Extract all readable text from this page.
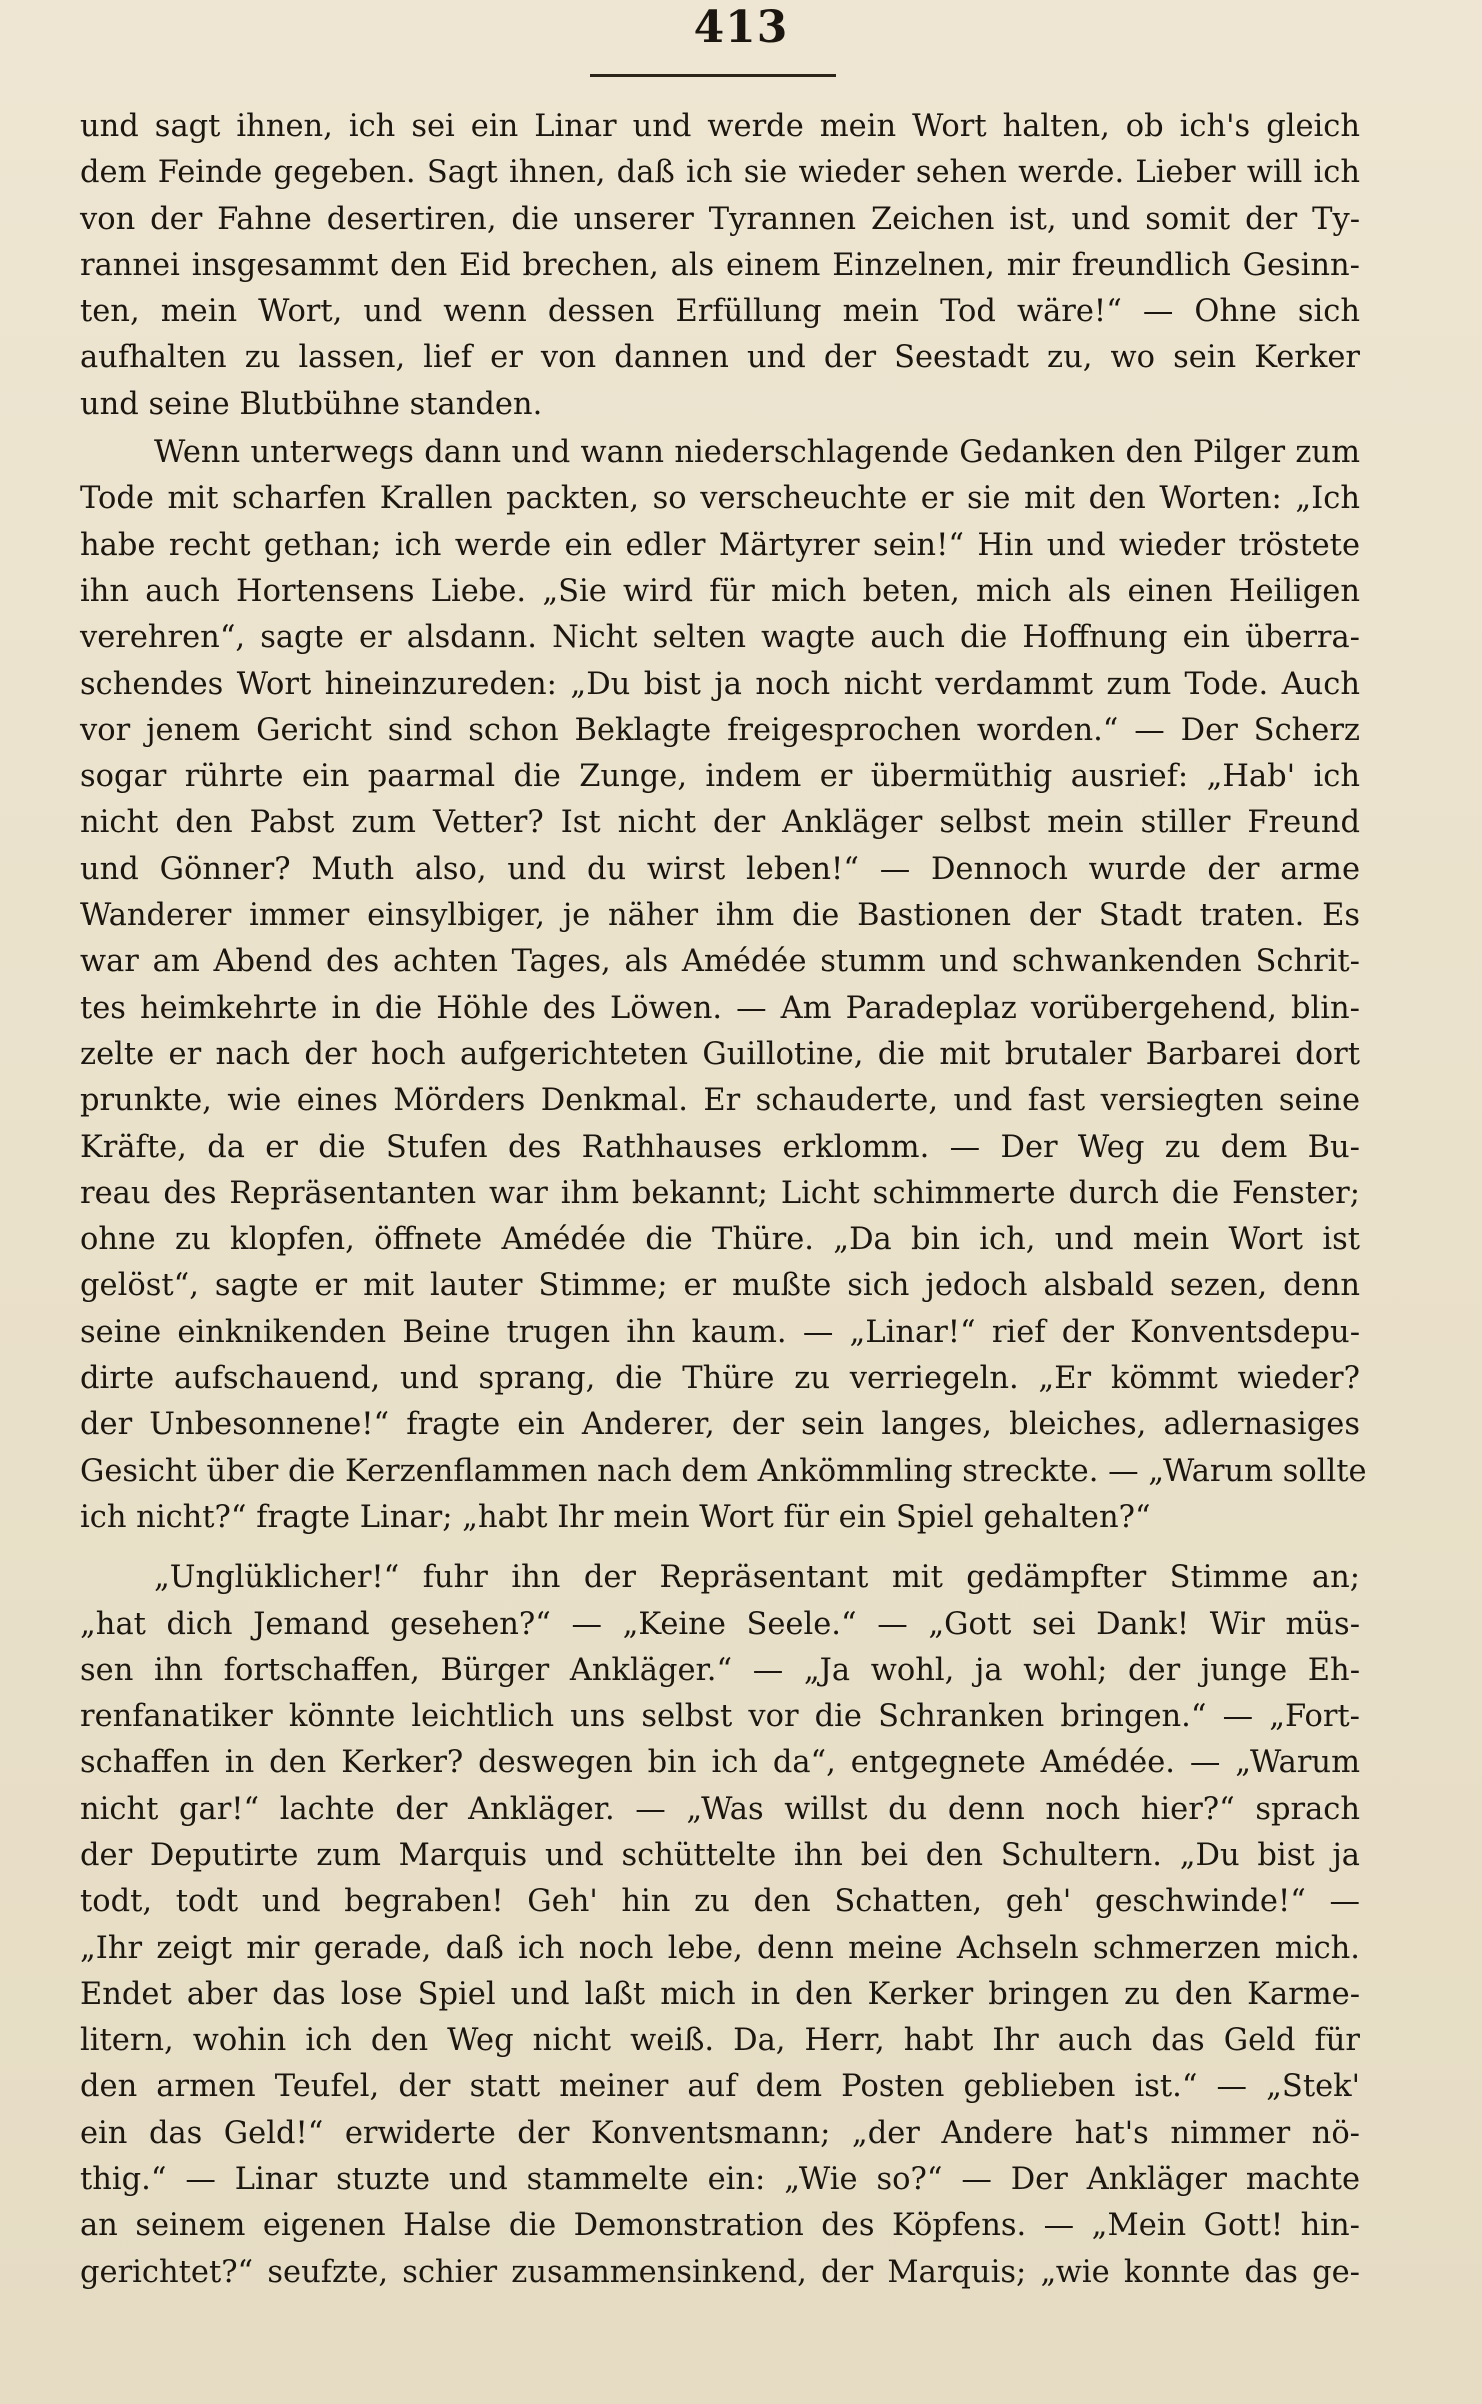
413
und sagt ihnen, ich sei ein Linar und werde mein Wort halten, ob ich's gleich
dem Feinde gegeben. Sagt ihnen, daß ich sie wieder sehen werde. Lieber will ich
von der Fahne desertiren, die unserer Tyrannen Zeichen ist, und somit der Ty-
rannei insgesammt den Eid brechen, als einem Einzelnen, mir freundlich Gesinn-
ten, mein Wort, und wenn dessen Erfüllung mein Tod wäre!“ — Ohne sich
aufhalten zu lassen, lief er von dannen und der Seestadt zu, wo sein Kerker
und seine Blutbühne standen.
Wenn unterwegs dann und wann niederschlagende Gedanken den Pilger zum
Tode mit scharfen Krallen packten, so verscheuchte er sie mit den Worten: „Ich
habe recht gethan; ich werde ein edler Märtyrer sein!“ Hin und wieder tröstete
ihn auch Hortensens Liebe. „Sie wird für mich beten, mich als einen Heiligen
verehren“, sagte er alsdann. Nicht selten wagte auch die Hoffnung ein überra-
schendes Wort hineinzureden: „Du bist ja noch nicht verdammt zum Tode. Auch
vor jenem Gericht sind schon Beklagte freigesprochen worden.“ — Der Scherz
sogar rührte ein paarmal die Zunge, indem er übermüthig ausrief: „Hab' ich
nicht den Pabst zum Vetter? Ist nicht der Ankläger selbst mein stiller Freund
und Gönner? Muth also, und du wirst leben!“ — Dennoch wurde der arme
Wanderer immer einsylbiger, je näher ihm die Bastionen der Stadt traten. Es
war am Abend des achten Tages, als Amédée stumm und schwankenden Schrit-
tes heimkehrte in die Höhle des Löwen. — Am Paradeplaz vorübergehend, blin-
zelte er nach der hoch aufgerichteten Guillotine, die mit brutaler Barbarei dort
prunkte, wie eines Mörders Denkmal. Er schauderte, und fast versiegten seine
Kräfte, da er die Stufen des Rathhauses erklomm. — Der Weg zu dem Bu-
reau des Repräsentanten war ihm bekannt; Licht schimmerte durch die Fenster;
ohne zu klopfen, öffnete Amédée die Thüre. „Da bin ich, und mein Wort ist
gelöst“, sagte er mit lauter Stimme; er mußte sich jedoch alsbald sezen, denn
seine einknikenden Beine trugen ihn kaum. — „Linar!“ rief der Konventsdepu-
dirte aufschauend, und sprang, die Thüre zu verriegeln. „Er kömmt wieder?
der Unbesonnene!“ fragte ein Anderer, der sein langes, bleiches, adlernasiges
Gesicht über die Kerzenflammen nach dem Ankömmling streckte. — „Warum sollte
ich nicht?“ fragte Linar; „habt Ihr mein Wort für ein Spiel gehalten?“
„Unglüklicher!“ fuhr ihn der Repräsentant mit gedämpfter Stimme an;
„hat dich Jemand gesehen?“ — „Keine Seele.“ — „Gott sei Dank! Wir müs-
sen ihn fortschaffen, Bürger Ankläger.“ — „Ja wohl, ja wohl; der junge Eh-
renfanatiker könnte leichtlich uns selbst vor die Schranken bringen.“ — „Fort-
schaffen in den Kerker? deswegen bin ich da“, entgegnete Amédée. — „Warum
nicht gar!“ lachte der Ankläger. — „Was willst du denn noch hier?“ sprach
der Deputirte zum Marquis und schüttelte ihn bei den Schultern. „Du bist ja
todt, todt und begraben! Geh' hin zu den Schatten, geh' geschwinde!“ —
„Ihr zeigt mir gerade, daß ich noch lebe, denn meine Achseln schmerzen mich.
Endet aber das lose Spiel und laßt mich in den Kerker bringen zu den Karme-
litern, wohin ich den Weg nicht weiß. Da, Herr, habt Ihr auch das Geld für
den armen Teufel, der statt meiner auf dem Posten geblieben ist.“ — „Stek'
ein das Geld!“ erwiderte der Konventsmann; „der Andere hat's nimmer nö-
thig.“ — Linar stuzte und stammelte ein: „Wie so?“ — Der Ankläger machte
an seinem eigenen Halse die Demonstration des Köpfens. — „Mein Gott! hin-
gerichtet?“ seufzte, schier zusammensinkend, der Marquis; „wie konnte das ge-
